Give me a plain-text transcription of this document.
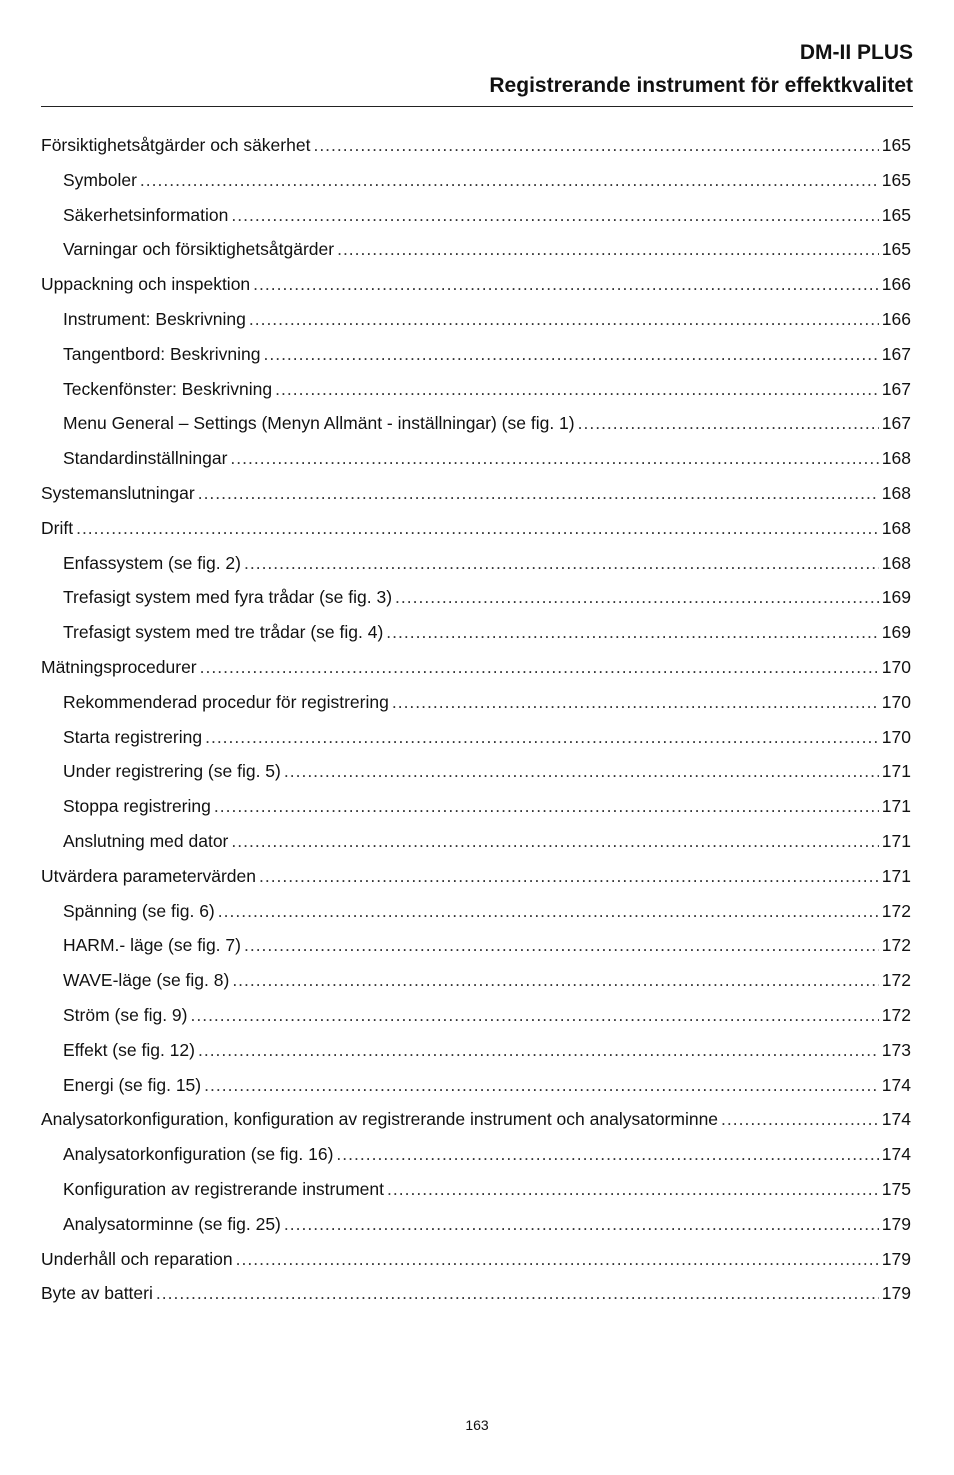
DM-II PLUS
Registrerande instrument för effektkvalitet
Försiktighetsåtgärder och säkerhet .....	165
Symboler .....	165
Säkerhetsinformation .....	165
Varningar och försiktighetsåtgärder .....	165
Uppackning och inspektion .....	166
Instrument: Beskrivning .....	166
Tangentbord: Beskrivning .....	167
Teckenfönster: Beskrivning .....	167
Menu General – Settings (Menyn Allmänt - inställningar) (se fig. 1) .....	167
Standardinställningar .....	168
Systemanslutningar .....	168
Drift .....	168
Enfassystem (se fig. 2) .....	168
Trefasigt system med fyra trådar (se fig. 3) .....	169
Trefasigt system med tre trådar (se fig. 4) .....	169
Mätningsprocedurer .....	170
Rekommenderad procedur för registrering .....	170
Starta registrering .....	170
Under registrering (se fig. 5) .....	171
Stoppa registrering .....	171
Anslutning med dator .....	171
Utvärdera parametervärden .....	171
Spänning (se fig. 6) .....	172
HARM.- läge (se fig. 7) .....	172
WAVE-läge (se fig. 8) .....	172
Ström (se fig. 9) .....	172
Effekt (se fig. 12) .....	173
Energi (se fig. 15) .....	174
Analysatorkonfiguration, konfiguration av registrerande instrument och analysatorminne .....	174
Analysatorkonfiguration (se fig. 16) .....	174
Konfiguration av registrerande instrument .....	175
Analysatorminne (se fig. 25) .....	179
Underhåll och reparation .....	179
Byte av batteri .....	179
163
